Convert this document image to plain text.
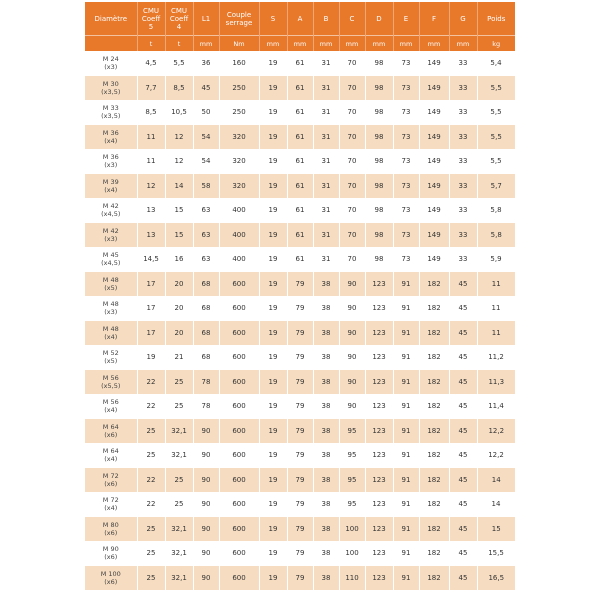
Diamètre	CMU
Coeff
5	CMU
Coeff
4	L1	Couple
serrage	S	A	B	C	D	E	F	G	Poids
	t	t	mm	Nm	mm	mm	mm	mm	mm	mm	mm	mm	kg

M 24
(x3)	4,5	5,5	36	160	19	61	31	70	98	73	149	33	5,4

M 30
(x3,5)	7,7	8,5	45	250	19	61	31	70	98	73	149	33	5,5

M 33
(x3,5)	8,5	10,5	50	250	19	61	31	70	98	73	149	33	5,5

M 36
(x4)	11	12	54	320	19	61	31	70	98	73	149	33	5,5

M 36
(x3)	11	12	54	320	19	61	31	70	98	73	149	33	5,5

M 39
(x4)	12	14	58	320	19	61	31	70	98	73	149	33	5,7

M 42
(x4,5)	13	15	63	400	19	61	31	70	98	73	149	33	5,8

M 42
(x3)	13	15	63	400	19	61	31	70	98	73	149	33	5,8

M 45
(x4,5)	14,5	16	63	400	19	61	31	70	98	73	149	33	5,9

M 48
(x5)	17	20	68	600	19	79	38	90	123	91	182	45	11

M 48
(x3)	17	20	68	600	19	79	38	90	123	91	182	45	11

M 48
(x4)	17	20	68	600	19	79	38	90	123	91	182	45	11

M 52
(x5)	19	21	68	600	19	79	38	90	123	91	182	45	11,2

M 56
(x5,5)	22	25	78	600	19	79	38	90	123	91	182	45	11,3

M 56
(x4)	22	25	78	600	19	79	38	90	123	91	182	45	11,4

M 64
(x6)	25	32,1	90	600	19	79	38	95	123	91	182	45	12,2

M 64
(x4)	25	32,1	90	600	19	79	38	95	123	91	182	45	12,2

M 72
(x6)	22	25	90	600	19	79	38	95	123	91	182	45	14

M 72
(x4)	22	25	90	600	19	79	38	95	123	91	182	45	14

M 80
(x6)	25	32,1	90	600	19	79	38	100	123	91	182	45	15

M 90
(x6)	25	32,1	90	600	19	79	38	100	123	91	182	45	15,5

M 100
(x6)	25	32,1	90	600	19	79	38	110	123	91	182	45	16,5
